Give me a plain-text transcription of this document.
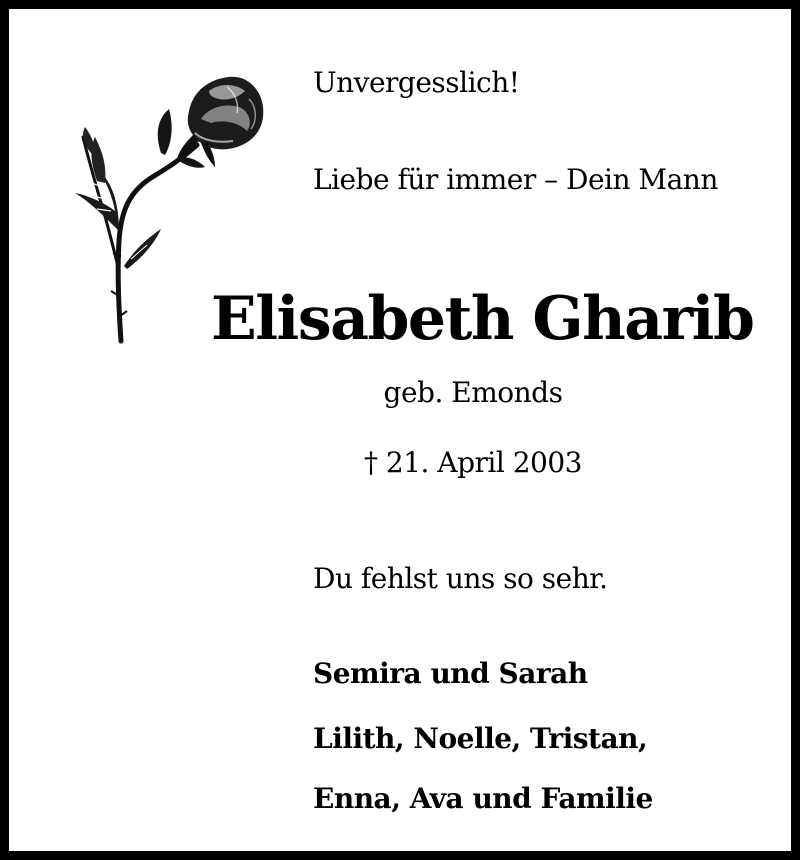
Unvergesslich!
Liebe für immer – Dein Mann
Elisabeth Gharib
geb. Emonds
† 21. April 2003
Du fehlst uns so sehr.
Semira und Sarah
Lilith, Noelle, Tristan,
Enna, Ava und Familie
